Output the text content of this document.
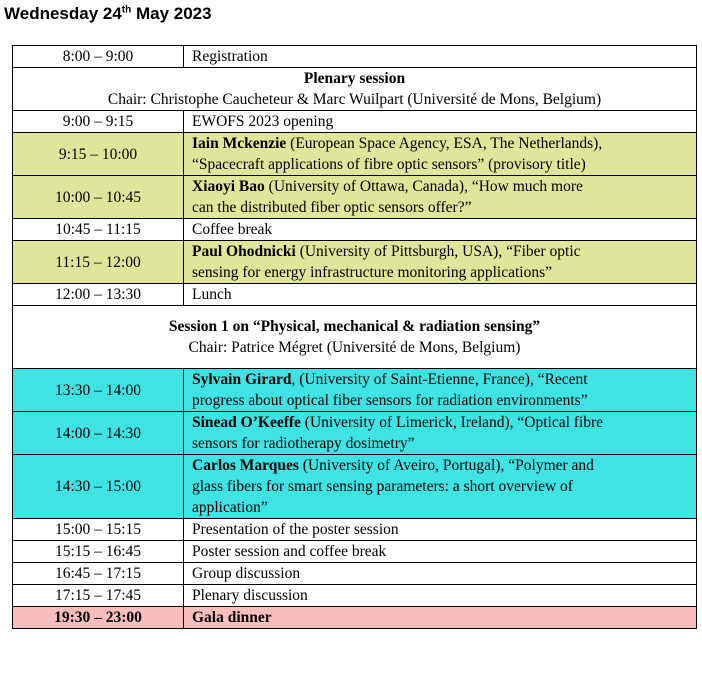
Wednesday 24th May 2023
8:00 – 9:00	Registration

Plenary session
Chair: Christophe Caucheteur & Marc Wuilpart (Université de Mons, Belgium)	

9:00 – 9:15	EWOFS 2023 opening
9:15 – 10:00	Iain Mckenzie (European Space Agency, ESA, The Netherlands),
“Spacecraft applications of fibre optic sensors” (provisory title)

10:00 – 10:45	Xiaoyi Bao (University of Ottawa, Canada), “How much more
can the distributed fiber optic sensors offer?”

10:45 – 11:15	Coffee break
11:15 – 12:00	Paul Ohodnicki (University of Pittsburgh, USA), “Fiber optic
sensing for energy infrastructure monitoring applications”

12:00 – 13:30	Lunch

Session 1 on “Physical, mechanical & radiation sensing”
Chair: Patrice Mégret (Université de Mons, Belgium)	

13:30 – 14:00	Sylvain Girard, (University of Saint-Etienne, France), “Recent
progress about optical fiber sensors for radiation environments”

14:00 – 14:30	Sinead O’Keeffe (University of Limerick, Ireland), “Optical fibre
sensors for radiotherapy dosimetry”

14:30 – 15:00	Carlos Marques (University of Aveiro, Portugal), “Polymer and
glass fibers for smart sensing parameters: a short overview of
application”

15:00 – 15:15	Presentation of the poster session
15:15 – 16:45	Poster session and coffee break
16:45 – 17:15	Group discussion
17:15 – 17:45	Plenary discussion
19:30 – 23:00	Gala dinner
